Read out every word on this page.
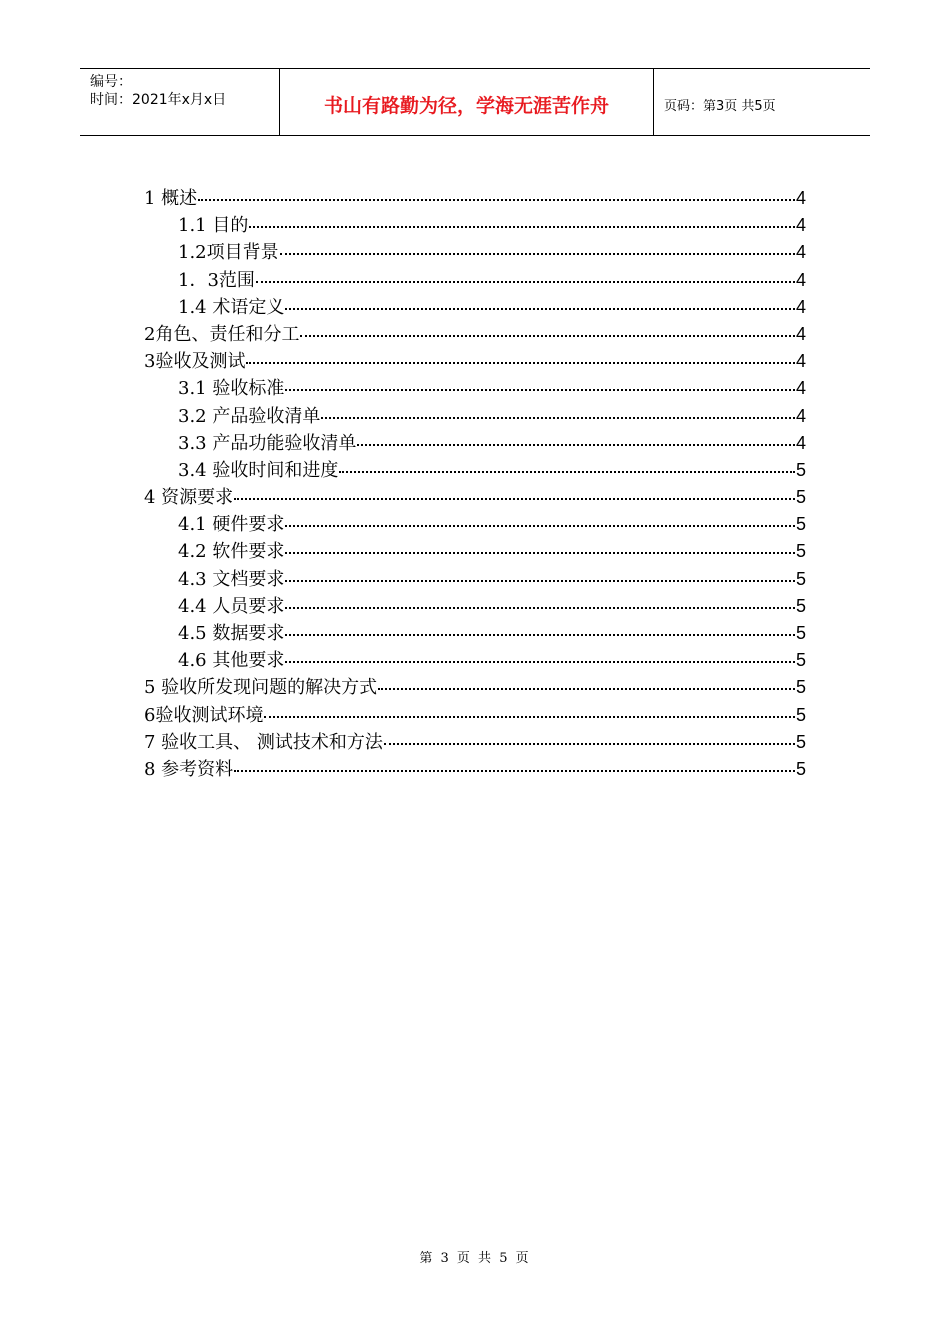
编号：
时间：2021年x月x日	书山有路勤为径，学海无涯苦作舟	页码：第3页 共5页
1 概述	4
1.1 目的	4
1.2项目背景	4
1．3范围	4
1.4 术语定义	4
2角色、责任和分工	4
3验收及测试	4
3.1 验收标准	4
3.2 产品验收清单	4
3.3 产品功能验收清单	4
3.4 验收时间和进度	5
4 资源要求	5
4.1 硬件要求	5
4.2 软件要求	5
4.3 文档要求	5
4.4 人员要求	5
4.5 数据要求	5
4.6 其他要求	5
5 验收所发现问题的解决方式	5
6验收测试环境	5
7 验收工具、 测试技术和方法	5
8 参考资料	5
第 3 页 共 5 页
